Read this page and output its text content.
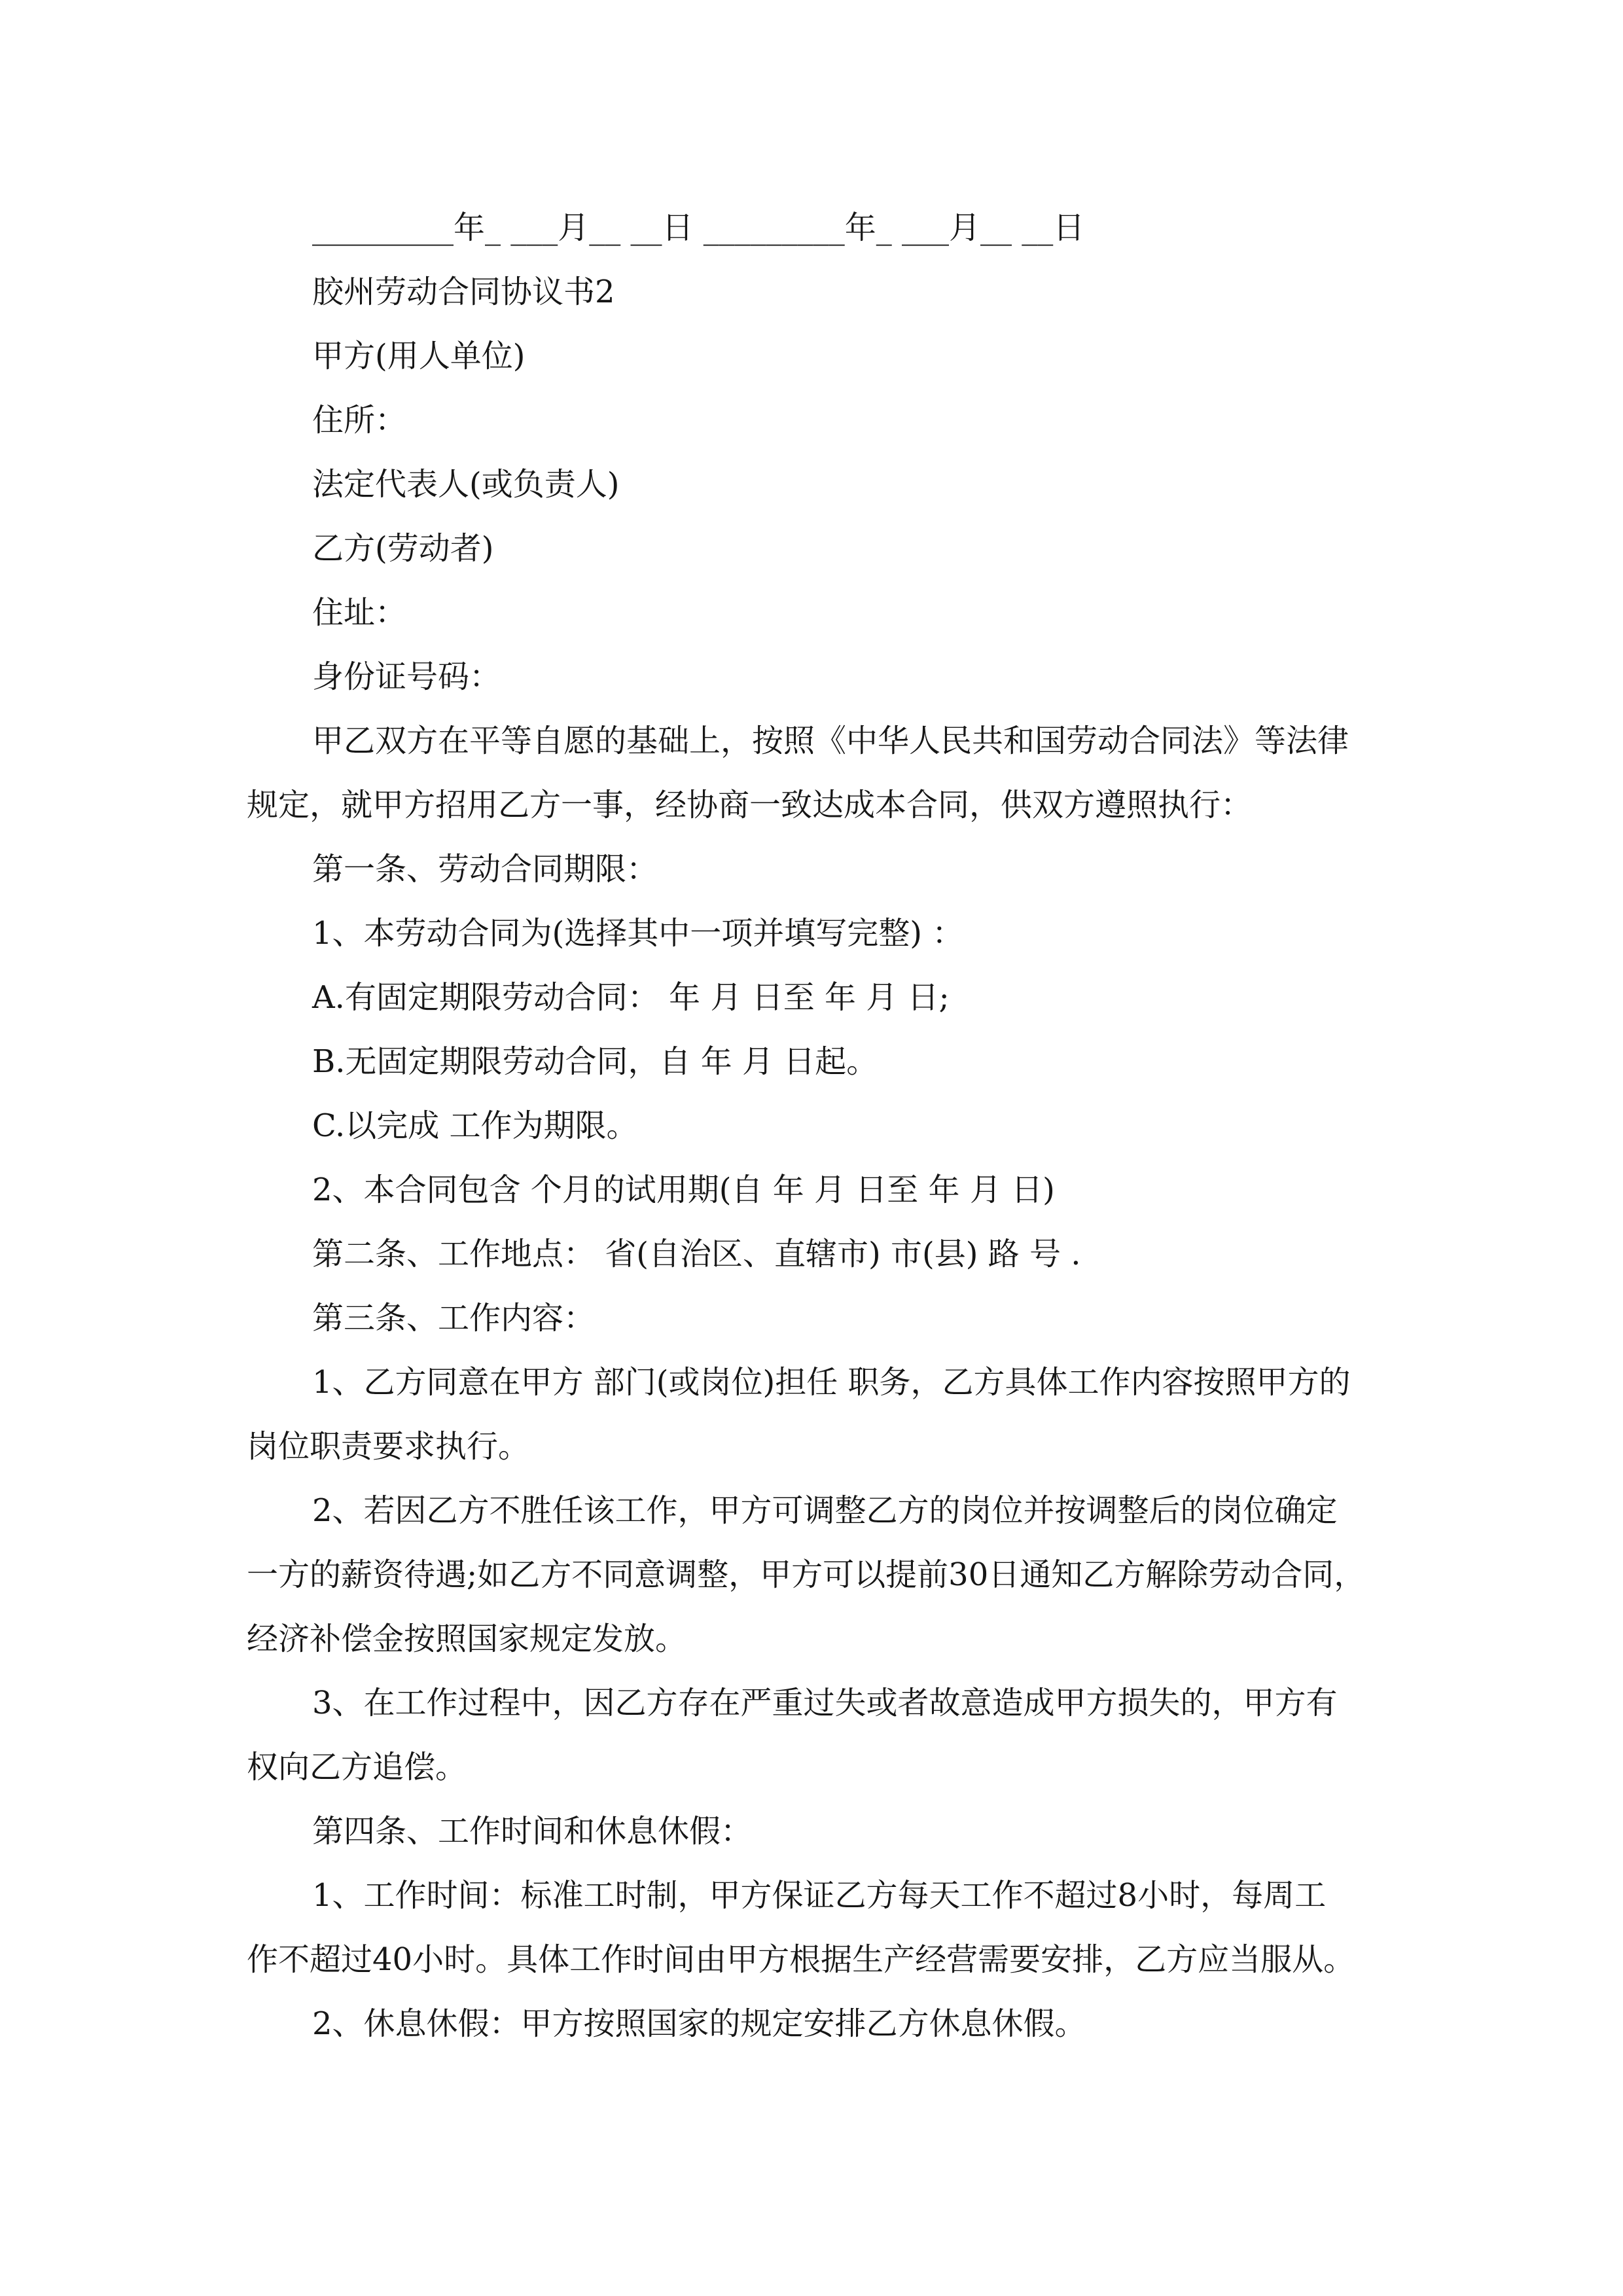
_________年_ ___月__ __日 _________年_ ___月__ __日
胶州劳动合同协议书2
甲方(用人单位)
住所：
法定代表人(或负责人)
乙方(劳动者)
住址：
身份证号码：
甲乙双方在平等自愿的基础上，按照《中华人民共和国劳动合同法》等法律
规定，就甲方招用乙方一事，经协商一致达成本合同，供双方遵照执行：
第一条、劳动合同期限：
1、本劳动合同为(选择其中一项并填写完整) ：
A.有固定期限劳动合同： 年 月 日至 年 月 日;
B.无固定期限劳动合同，自 年 月 日起。
C.以完成 工作为期限。
2、本合同包含 个月的试用期(自 年 月 日至 年 月 日)
第二条、工作地点： 省(自治区、直辖市) 市(县) 路 号 .
第三条、工作内容：
1、乙方同意在甲方 部门(或岗位)担任 职务，乙方具体工作内容按照甲方的
岗位职责要求执行。
2、若因乙方不胜任该工作，甲方可调整乙方的岗位并按调整后的岗位确定
一方的薪资待遇;如乙方不同意调整，甲方可以提前30日通知乙方解除劳动合同，
经济补偿金按照国家规定发放。
3、在工作过程中，因乙方存在严重过失或者故意造成甲方损失的，甲方有
权向乙方追偿。
第四条、工作时间和休息休假：
1、工作时间：标准工时制，甲方保证乙方每天工作不超过8小时，每周工
作不超过40小时。具体工作时间由甲方根据生产经营需要安排，乙方应当服从。
2、休息休假：甲方按照国家的规定安排乙方休息休假。
